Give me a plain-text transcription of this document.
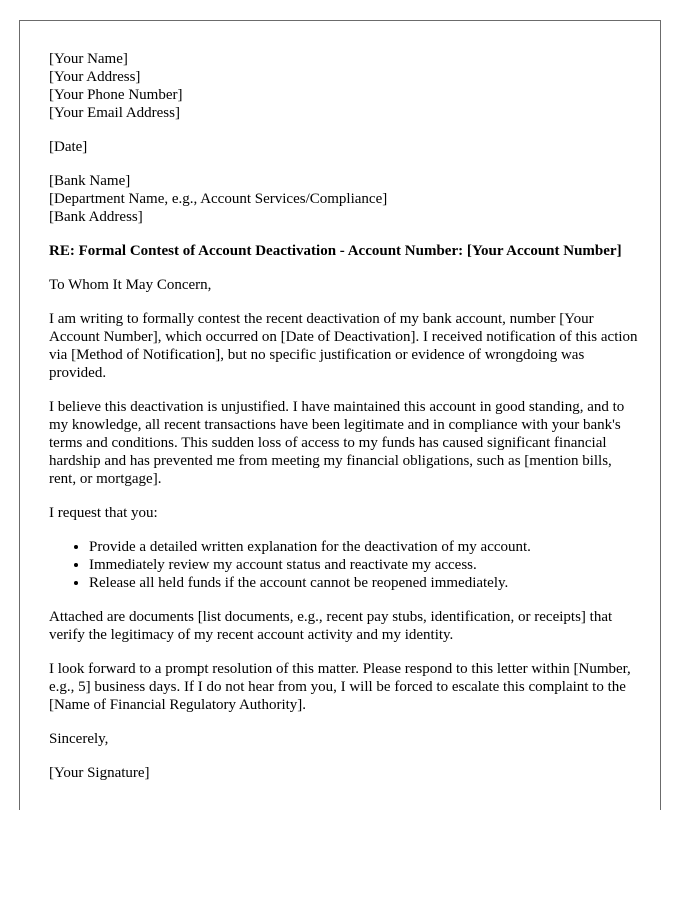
[Your Name]
[Your Address]
[Your Phone Number]
[Your Email Address]

[Date]

[Bank Name]
[Department Name, e.g., Account Services/Compliance]
[Bank Address]
RE: Formal Contest of Account Deactivation - Account Number: [Your Account Number]

To Whom It May Concern,

I am writing to formally contest the recent deactivation of my bank account, number [Your Account Number], which occurred on [Date of Deactivation]. I received notification of this action via [Method of Notification], but no specific justification or evidence of wrongdoing was provided.

I believe this deactivation is unjustified. I have maintained this account in good standing, and to my knowledge, all recent transactions have been legitimate and in compliance with your bank's terms and conditions. This sudden loss of access to my funds has caused significant financial hardship and has prevented me from meeting my financial obligations, such as [mention bills, rent, or mortgage].

I request that you:

• Provide a detailed written explanation for the deactivation of my account.
• Immediately review my account status and reactivate my access.
• Release all held funds if the account cannot be reopened immediately.

Attached are documents [list documents, e.g., recent pay stubs, identification, or receipts] that verify the legitimacy of my recent account activity and my identity.

I look forward to a prompt resolution of this matter. Please respond to this letter within [Number, e.g., 5] business days. If I do not hear from you, I will be forced to escalate this complaint to the [Name of Financial Regulatory Authority].

Sincerely,

[Your Signature]
